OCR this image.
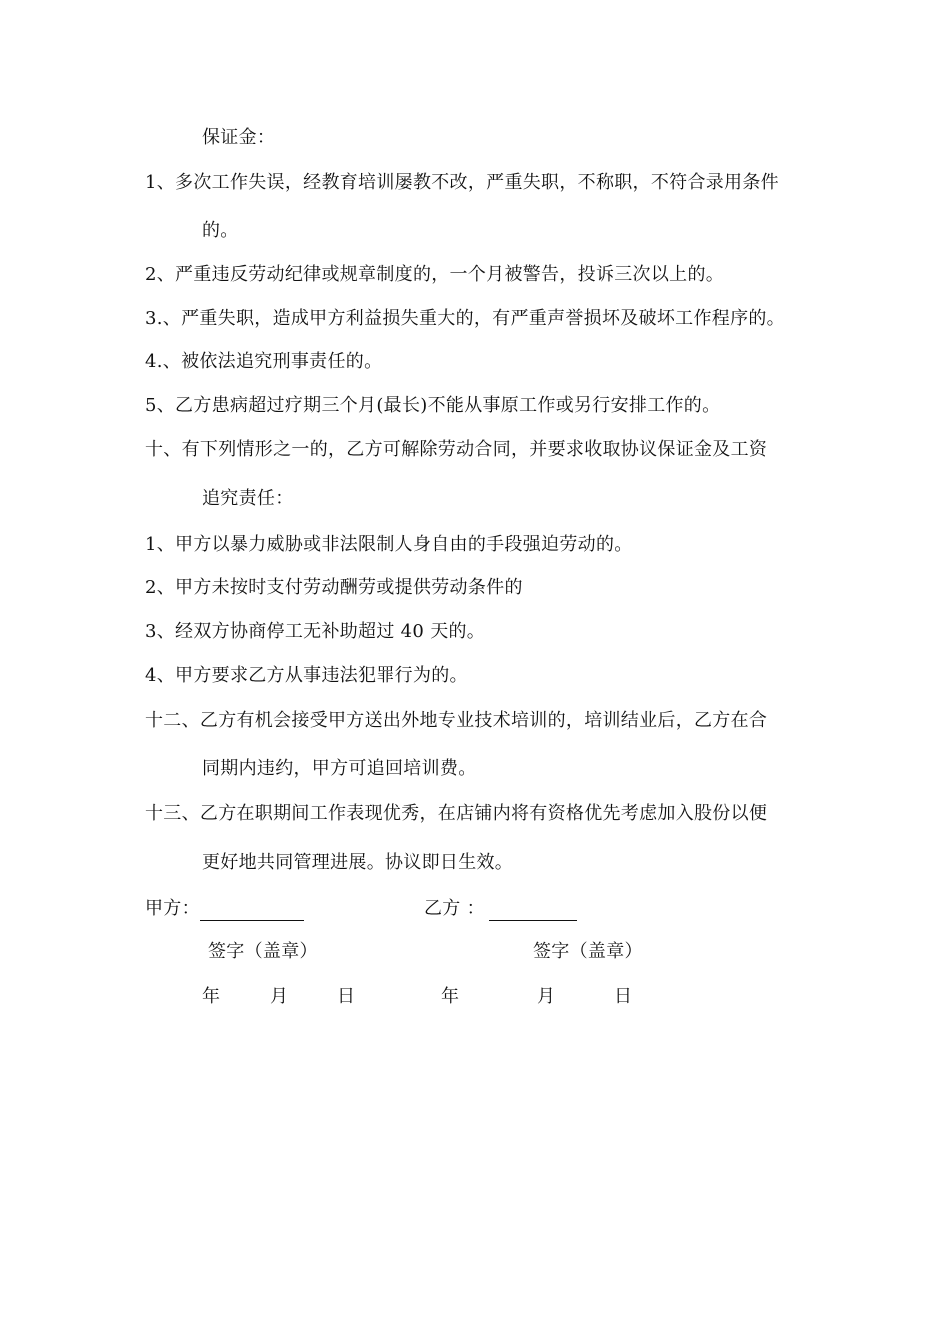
保证金：
1、多次工作失误，经教育培训屡教不改，严重失职，不称职，不符合录用条件
的。
2、严重违反劳动纪律或规章制度的，一个月被警告，投诉三次以上的。
3.、严重失职，造成甲方利益损失重大的，有严重声誉损坏及破坏工作程序的。
4.、被依法追究刑事责任的。
5、乙方患病超过疗期三个月(最长)不能从事原工作或另行安排工作的。
十、有下列情形之一的，乙方可解除劳动合同，并要求收取协议保证金及工资
追究责任：
1、甲方以暴力威胁或非法限制人身自由的手段强迫劳动的。
2、甲方未按时支付劳动酬劳或提供劳动条件的
3、经双方协商停工无补助超过 40 天的。
4、甲方要求乙方从事违法犯罪行为的。
十二、乙方有机会接受甲方送出外地专业技术培训的，培训结业后，乙方在合
同期内违约，甲方可追回培训费。
十三、乙方在职期间工作表现优秀，在店铺内将有资格优先考虑加入股份以便
更好地共同管理进展。协议即日生效。
甲方：	乙方 ：
签字（盖章）	签字（盖章）
年	月	日	年	月	日
